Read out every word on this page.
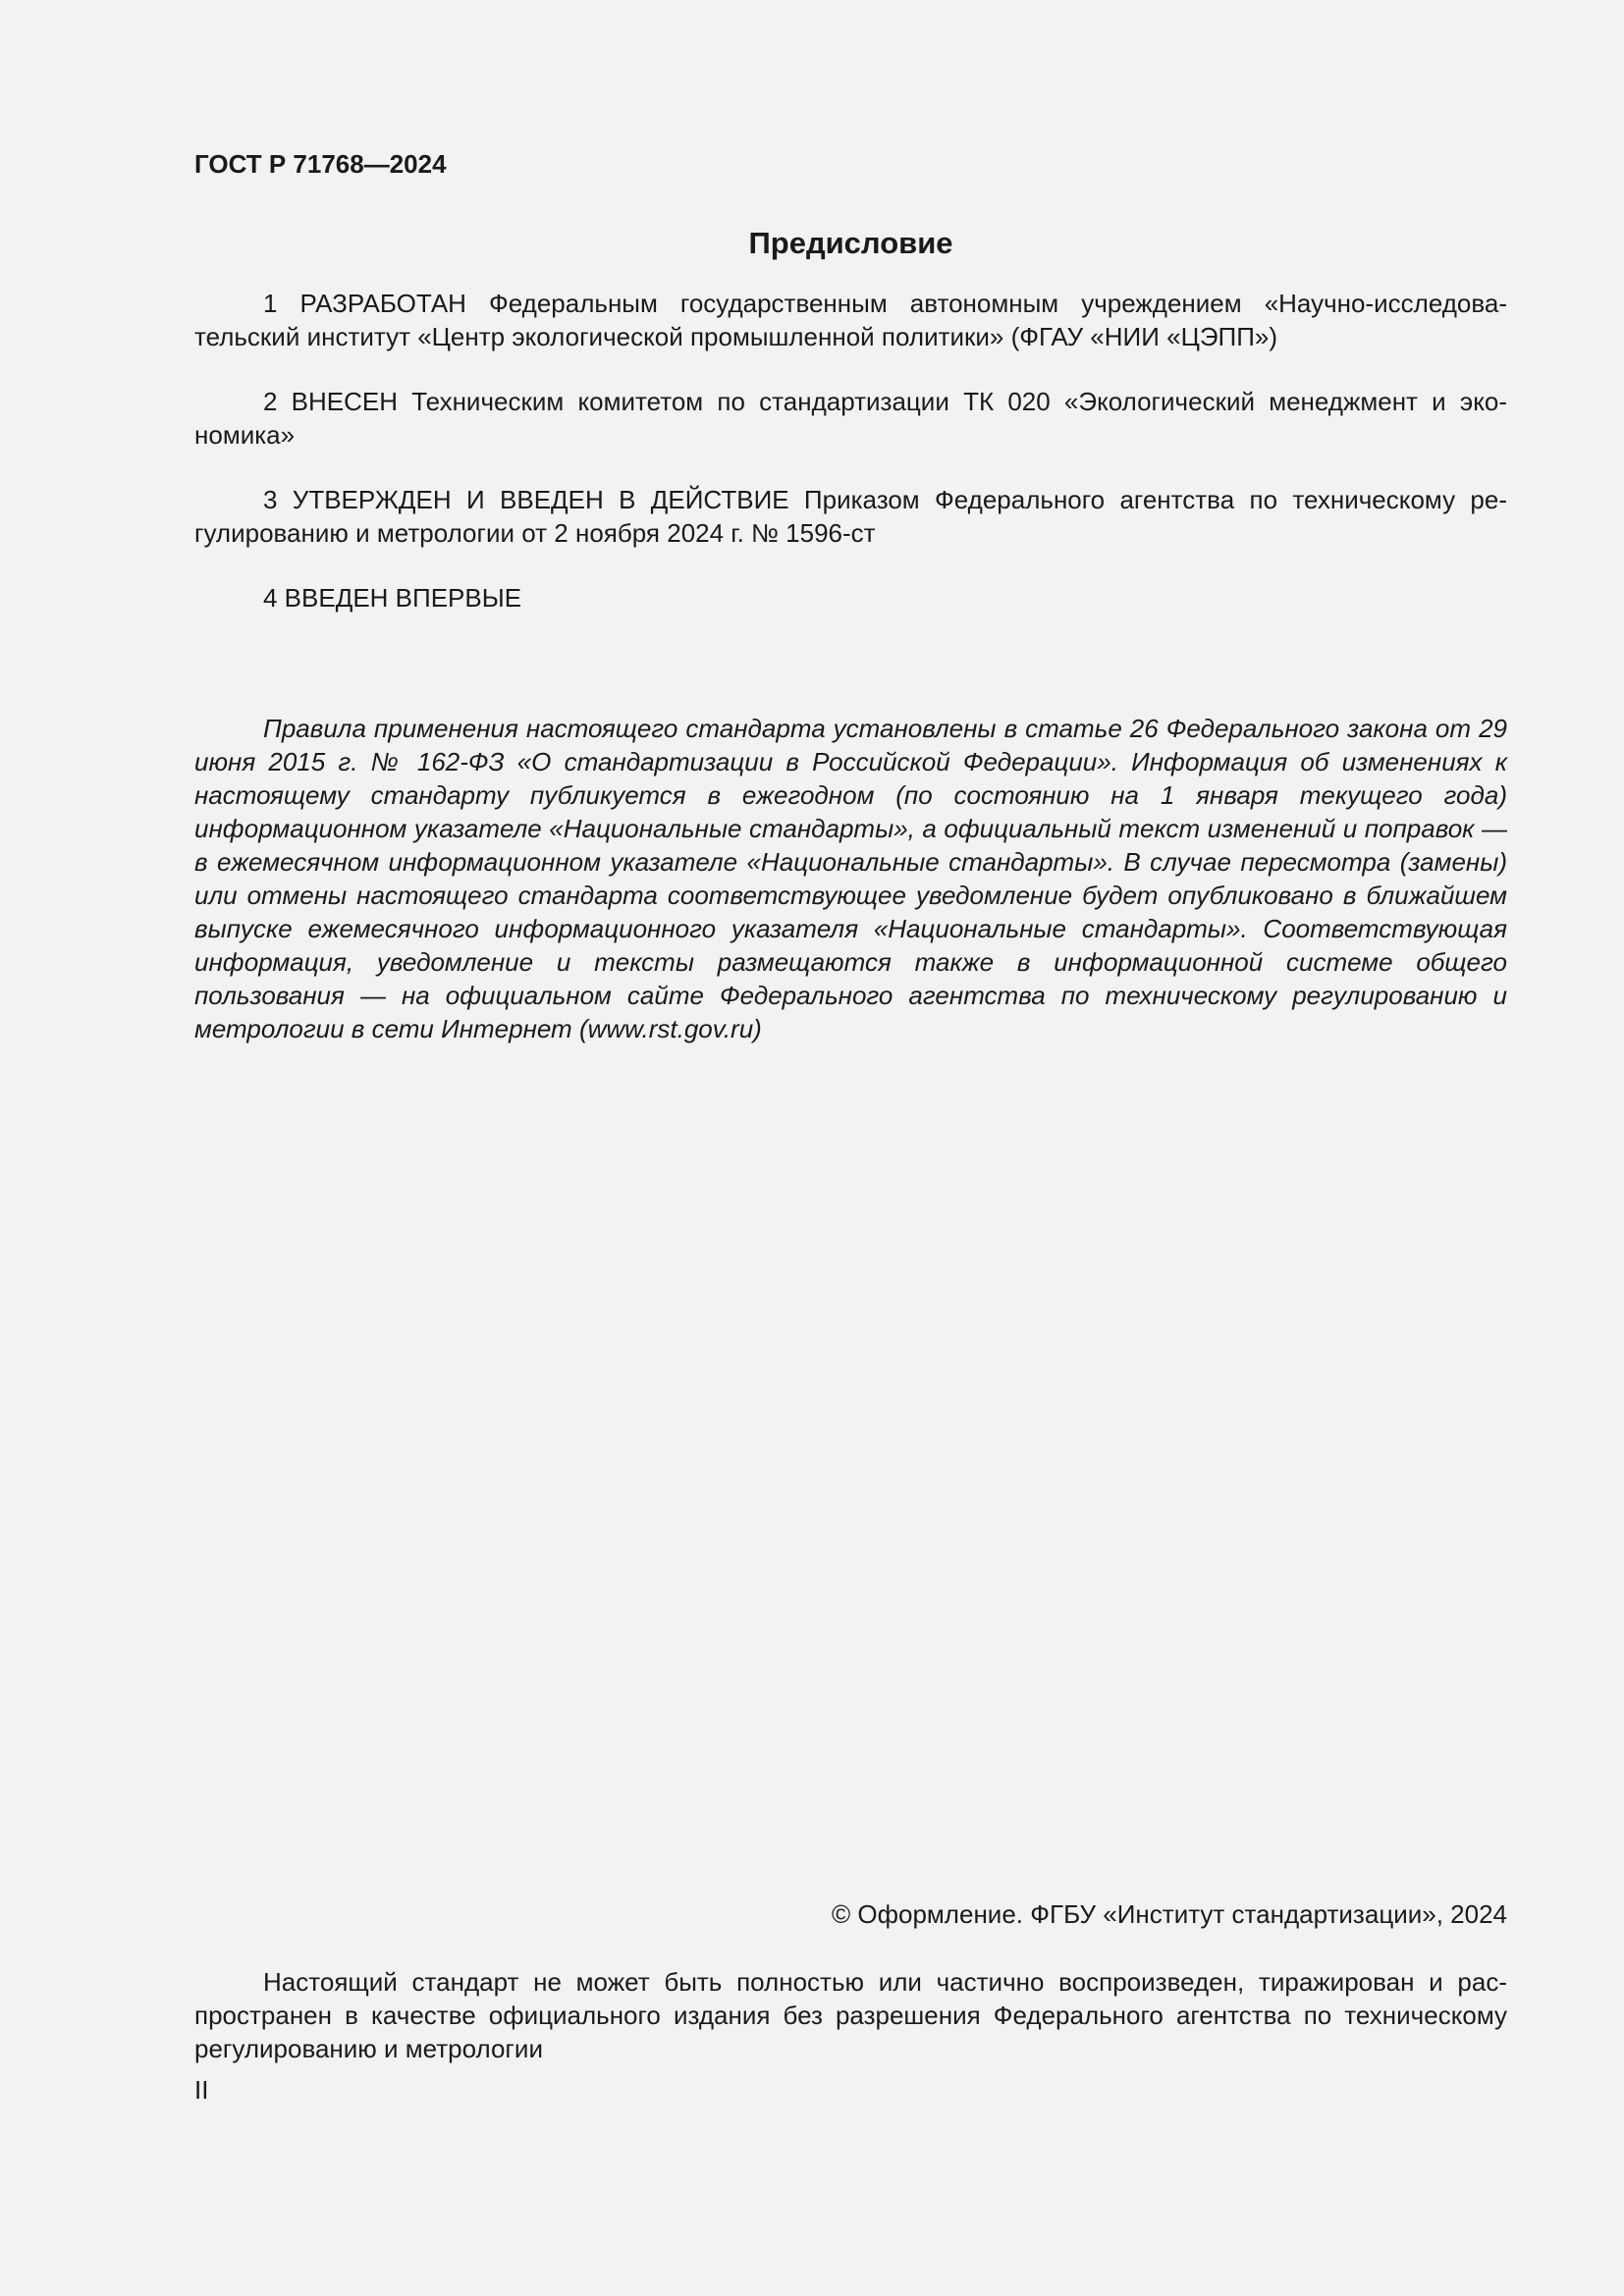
ГОСТ Р 71768—2024
Предисловие

1 РАЗРАБОТАН Федеральным государственным автономным учреждением «Научно-исследовательский институт «Центр экологической промышленной политики» (ФГАУ «НИИ «ЦЭПП»)

2 ВНЕСЕН Техническим комитетом по стандартизации ТК 020 «Экологический менеджмент и экономика»

3 УТВЕРЖДЕН И ВВЕДЕН В ДЕЙСТВИЕ Приказом Федерального агентства по техническому регулированию и метрологии от 2 ноября 2024 г. № 1596-ст

4 ВВЕДЕН ВПЕРВЫЕ

Правила применения настоящего стандарта установлены в статье 26 Федерального закона от 29 июня 2015 г. № 162-ФЗ «О стандартизации в Российской Федерации». Информация об изменениях к настоящему стандарту публикуется в ежегодном (по состоянию на 1 января текущего года) информационном указателе «Национальные стандарты», а официальный текст изменений и поправок — в ежемесячном информационном указателе «Национальные стандарты». В случае пересмотра (замены) или отмены настоящего стандарта соответствующее уведомление будет опубликовано в ближайшем выпуске ежемесячного информационного указателя «Национальные стандарты». Соответствующая информация, уведомление и тексты размещаются также в информационной системе общего пользования — на официальном сайте Федерального агентства по техническому регулированию и метрологии в сети Интернет (www.rst.gov.ru)

© Оформление. ФГБУ «Институт стандартизации», 2024

Настоящий стандарт не может быть полностью или частично воспроизведен, тиражирован и распространен в качестве официального издания без разрешения Федерального агентства по техническому регулированию и метрологии

II
